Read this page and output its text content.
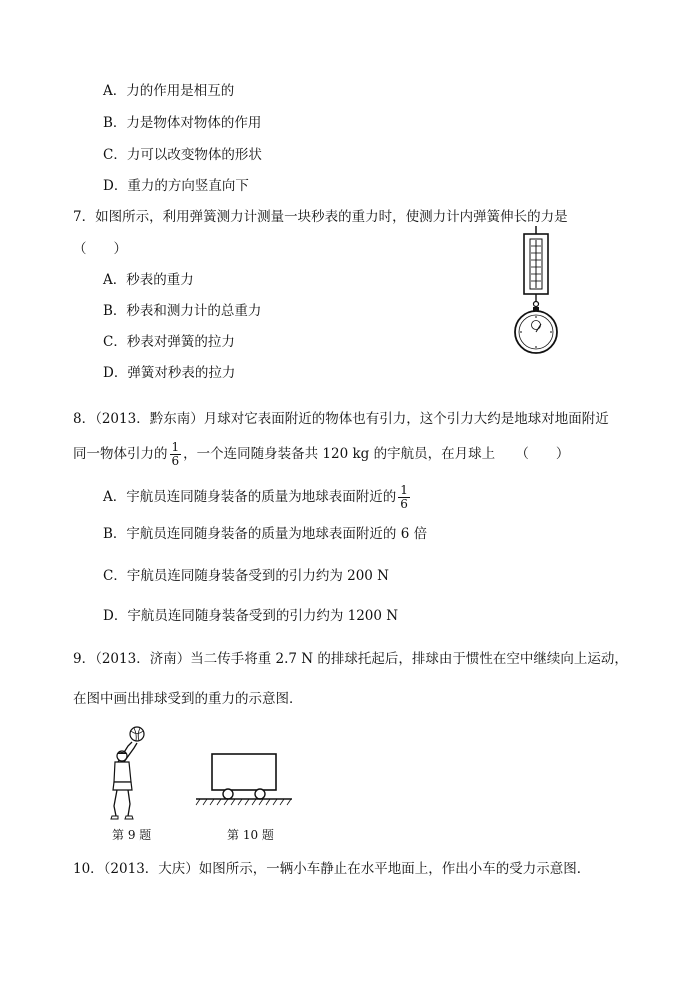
A．力的作用是相互的
B．力是物体对物体的作用
C．力可以改变物体的形状
D．重力的方向竖直向下
7．如图所示，利用弹簧测力计测量一块秒表的重力时，使测力计内弹簧伸长的力是
（　　）
A．秒表的重力
B．秒表和测力计的总重力
C．秒表对弹簧的拉力
D．弹簧对秒表的拉力
8．（2013．黔东南）月球对它表面附近的物体也有引力，这个引力大约是地球对地面附近
同一物体引力的 $\frac{1}{6}$ ，一个连同随身装备共 120 kg 的宇航员，在月球上　　（　　）
A．宇航员连同随身装备的质量为地球表面附近的 $\frac{1}{6}$
B．宇航员连同随身装备的质量为地球表面附近的 6 倍
C．宇航员连同随身装备受到的引力约为 200 N
D．宇航员连同随身装备受到的引力约为 1200 N
9．（2013．济南）当二传手将重 2.7 N 的排球托起后，排球由于惯性在空中继续向上运动，
在图中画出排球受到的重力的示意图．
第 9 题	第 10 题
10．（2013．大庆）如图所示，一辆小车静止在水平地面上，作出小车的受力示意图．
